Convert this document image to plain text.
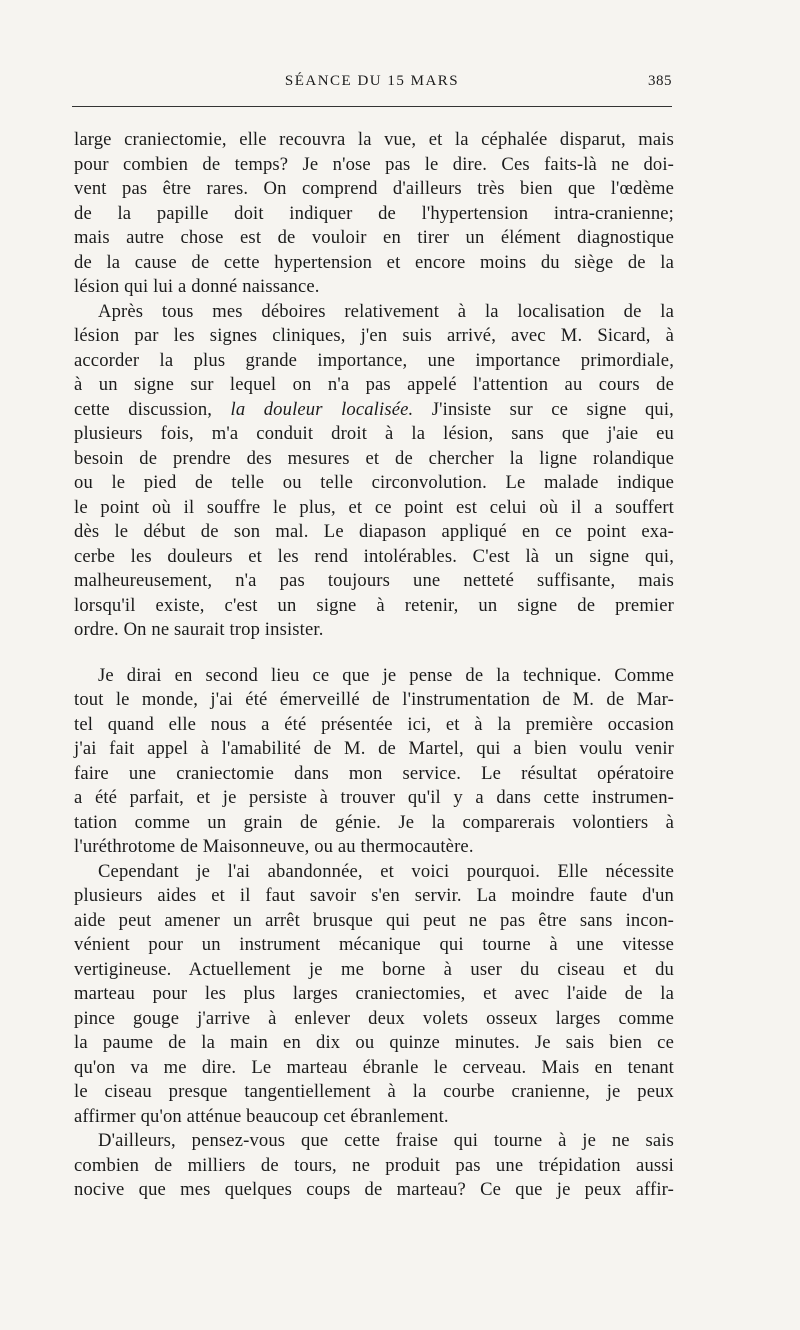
SÉANCE DU 15 MARS	385
large craniectomie, elle recouvra la vue, et la céphalée disparut, mais
pour combien de temps? Je n'ose pas le dire. Ces faits-là ne doi-
vent pas être rares. On comprend d'ailleurs très bien que l'œdème
de la papille doit indiquer de l'hypertension intra-cranienne;
mais autre chose est de vouloir en tirer un élément diagnostique
de la cause de cette hypertension et encore moins du siège de la
lésion qui lui a donné naissance.
Après tous mes déboires relativement à la localisation de la
lésion par les signes cliniques, j'en suis arrivé, avec M. Sicard, à
accorder la plus grande importance, une importance primordiale,
à un signe sur lequel on n'a pas appelé l'attention au cours de
cette discussion, la douleur localisée. J'insiste sur ce signe qui,
plusieurs fois, m'a conduit droit à la lésion, sans que j'aie eu
besoin de prendre des mesures et de chercher la ligne rolandique
ou le pied de telle ou telle circonvolution. Le malade indique
le point où il souffre le plus, et ce point est celui où il a souffert
dès le début de son mal. Le diapason appliqué en ce point exa-
cerbe les douleurs et les rend intolérables. C'est là un signe qui,
malheureusement, n'a pas toujours une netteté suffisante, mais
lorsqu'il existe, c'est un signe à retenir, un signe de premier
ordre. On ne saurait trop insister.
Je dirai en second lieu ce que je pense de la technique. Comme
tout le monde, j'ai été émerveillé de l'instrumentation de M. de Mar-
tel quand elle nous a été présentée ici, et à la première occasion
j'ai fait appel à l'amabilité de M. de Martel, qui a bien voulu venir
faire une craniectomie dans mon service. Le résultat opératoire
a été parfait, et je persiste à trouver qu'il y a dans cette instrumen-
tation comme un grain de génie. Je la comparerais volontiers à
l'uréthrotome de Maisonneuve, ou au thermocautère.
Cependant je l'ai abandonnée, et voici pourquoi. Elle nécessite
plusieurs aides et il faut savoir s'en servir. La moindre faute d'un
aide peut amener un arrêt brusque qui peut ne pas être sans incon-
vénient pour un instrument mécanique qui tourne à une vitesse
vertigineuse. Actuellement je me borne à user du ciseau et du
marteau pour les plus larges craniectomies, et avec l'aide de la
pince gouge j'arrive à enlever deux volets osseux larges comme
la paume de la main en dix ou quinze minutes. Je sais bien ce
qu'on va me dire. Le marteau ébranle le cerveau. Mais en tenant
le ciseau presque tangentiellement à la courbe cranienne, je peux
affirmer qu'on atténue beaucoup cet ébranlement.
D'ailleurs, pensez-vous que cette fraise qui tourne à je ne sais
combien de milliers de tours, ne produit pas une trépidation aussi
nocive que mes quelques coups de marteau? Ce que je peux affir-
